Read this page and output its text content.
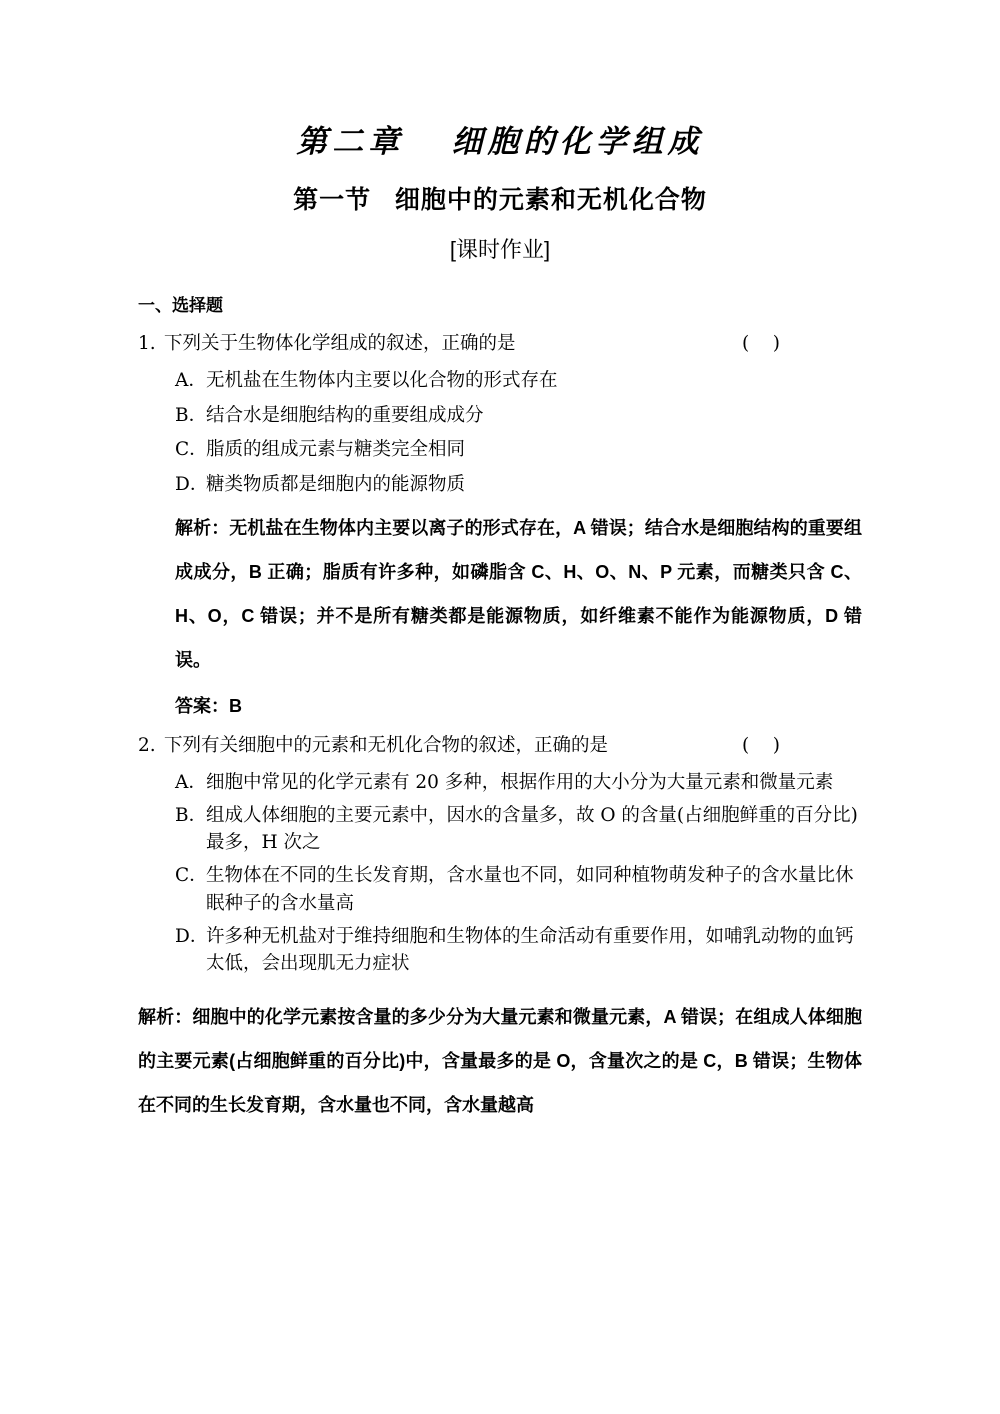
第二章   细胞的化学组成
第一节   细胞中的元素和无机化合物
[课时作业]
一、选择题
1. 下列关于生物体化学组成的叙述，正确的是	(    )
A． 无机盐在生物体内主要以化合物的形式存在
B．
结合水是细胞结构的重要组成成分
C．
脂质的组成元素与糖类完全相同
D．
糖类物质都是细胞内的能源物质
解析：无机盐在生物体内主要以离子的形式存在，A 错误；结合水是细胞结构的重要组成成分，B 正确；脂质有许多种，如磷脂含 C、H、O、N、P 元素，而糖类只含 C、H、O，C 错误；并不是所有糖类都是能源物质，如纤维素不能作为能源物质，D 错误。
答案：B
2. 下列有关细胞中的元素和无机化合物的叙述，正确的是	(    )
A． 细胞中常见的化学元素有 20 多种，根据作用的大小分为大量元素和微量元素
B．
组成人体细胞的主要元素中，因水的含量多，故 O 的含量(占细胞鲜重的百分比)最多，H 次之
C．
生物体在不同的生长发育期，含水量也不同，如同种植物萌发种子的含水量比休眠种子的含水量高
D．
许多种无机盐对于维持细胞和生物体的生命活动有重要作用，如哺乳动物的血钙太低，会出现肌无力症状
解析：细胞中的化学元素按含量的多少分为大量元素和微量元素，A 错误；在组成人体细胞的主要元素(占细胞鲜重的百分比)中，含量最多的是 O，含量次之的是 C，B 错误；生物体在不同的生长发育期，含水量也不同，含水量越高
